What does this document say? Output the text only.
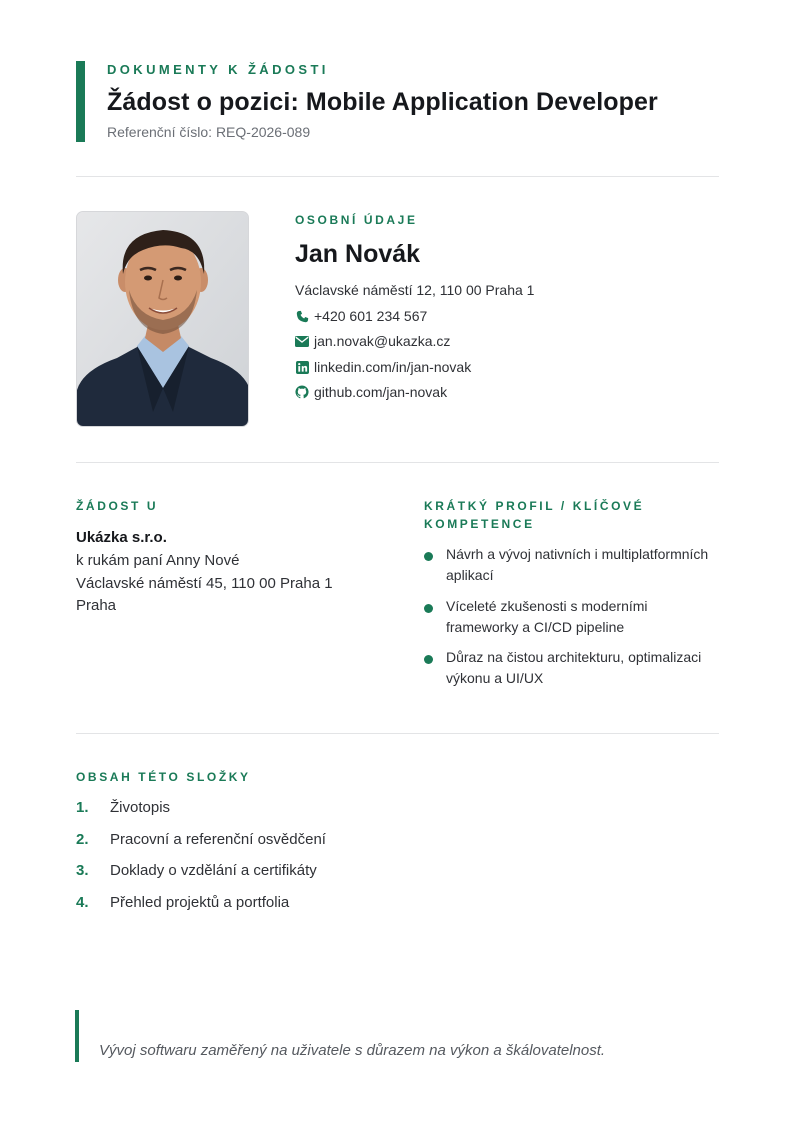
DOKUMENTY K ŽÁDOSTI
Žádost o pozici: Mobile Application Developer
Referenční číslo: REQ-2026-089
OSOBNÍ ÚDAJE
Jan Novák
Václavské náměstí 12, 110 00 Praha 1
+420 601 234 567
jan.novak@ukazka.cz
linkedin.com/in/jan-novak
github.com/jan-novak
ŽÁDOST U
Ukázka s.r.o.
k rukám paní Anny Nové
Václavské náměstí 45, 110 00 Praha 1
Praha
KRÁTKÝ PROFIL / KLÍČOVÉ KOMPETENCE
Návrh a vývoj nativních i multiplatformních aplikací
Víceleté zkušenosti s moderními frameworky a CI/CD pipeline
Důraz na čistou architekturu, optimalizaci výkonu a UI/UX
OBSAH TÉTO SLOŽKY
1. Životopis
2. Pracovní a referenční osvědčení
3. Doklady o vzdělání a certifikáty
4. Přehled projektů a portfolia
Vývoj softwaru zaměřený na uživatele s důrazem na výkon a škálovatelnost.
